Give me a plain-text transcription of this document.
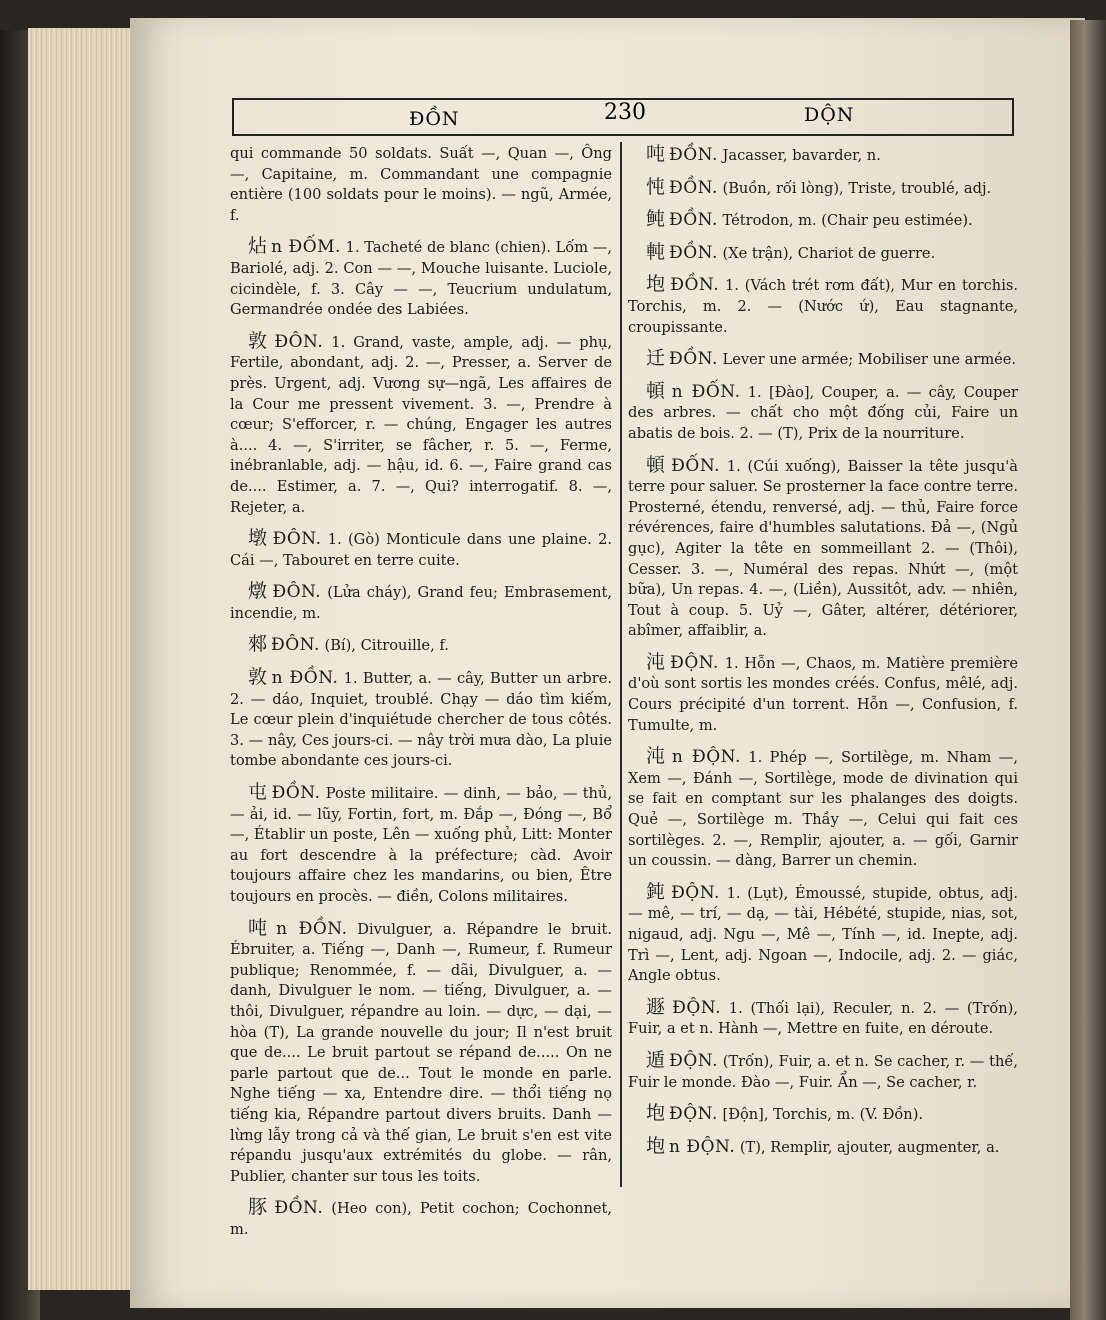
ĐỒN	230	DỘN
qui commande 50 soldats. Suất —, Quan —, Ông —, Capitaine, m. Commandant une compagnie entière (100 soldats pour le moins). — ngũ, Armée, f.
炶 n ĐỐM. 1. Tacheté de blanc (chien). Lốm —, Bariolé, adj. 2. Con — —, Mouche luisante. Luciole, cicindèle, f. 3. Cây — —, Teucrium undulatum, Germandrée ondée des Labiées.
敦 ĐÔN. 1. Grand, vaste, ample, adj. — phụ, Fertile, abondant, adj. 2. —, Presser, a. Server de près. Urgent, adj. Vương sự—ngã, Les affaires de la Cour me pressent vivement. 3. —, Prendre à cœur; S'efforcer, r. — chúng, Engager les autres à.... 4. —, S'irriter, se fâcher, r. 5. —, Ferme, inébranlable, adj. — hậu, id. 6. —, Faire grand cas de.... Estimer, a. 7. —, Qui? interrogatif. 8. —, Rejeter, a.
墩 ĐÔN. 1. (Gò) Monticule dans une plaine. 2. Cái —, Tabouret en terre cuite.
燉 ĐÔN. (Lửa cháy), Grand feu; Embrasement, incendie, m.
郲 ĐÔN. (Bí), Citrouille, f.
敦 n ĐỒN. 1. Butter, a. — cây, Butter un arbre. 2. — dáo, Inquiet, troublé. Chạy — dáo tìm kiếm, Le cœur plein d'inquiétude chercher de tous côtés. 3. — nây, Ces jours-ci. — nây trời mưa dào, La pluie tombe abondante ces jours-ci.
屯 ĐỒN. Poste militaire. — dinh, — bảo, — thủ, — ải, id. — lũy, Fortin, fort, m. Đắp —, Đóng —, Bổ —, Établir un poste, Lên — xuống phủ, Litt: Monter au fort descendre à la préfecture; càd. Avoir toujours affaire chez les mandarins, ou bien, Être toujours en procès. — điền, Colons militaires.
吨 n ĐỒN. Divulguer, a. Répandre le bruit. Ébruiter, a. Tiếng —, Danh —, Rumeur, f. Rumeur publique; Renommée, f. — dãi, Divulguer, a. — danh, Divulguer le nom. — tiếng, Divulguer, a. — thôi, Divulguer, répandre au loin. — dực, — dại, — hòa (T), La grande nouvelle du jour; Il n'est bruit que de.... Le bruit partout se répand de..... On ne parle partout que de... Tout le monde en parle. Nghe tiếng — xa, Entendre dire. — thổi tiếng nọ tiếng kia, Répandre partout divers bruits. Danh — lừng lẫy trong cả và thế gian, Le bruit s'en est vite répandu jusqu'aux extrémités du globe. — rân, Publier, chanter sur tous les toits.
豚 ĐỒN. (Heo con), Petit cochon; Cochonnet, m.
吨 ĐỒN. Jacasser, bavarder, n.
忳 ĐỒN. (Buồn, rối lòng), Triste, troublé, adj.
鲀 ĐỒN. Tétrodon, m. (Chair peu estimée).
軘 ĐỒN. (Xe trận), Chariot de guerre.
垉 ĐỒN. 1. (Vách trét rơm đất), Mur en torchis. Torchis, m. 2. — (Nước ứ), Eau stagnante, croupissante.
迁 ĐỒN. Lever une armée; Mobiliser une armée.
頓 n ĐỐN. 1. [Đào], Couper, a. — cây, Couper des arbres. — chất cho một đống củi, Faire un abatis de bois. 2. — (T), Prix de la nourriture.
頓 ĐỐN. 1. (Cúi xuống), Baisser la tête jusqu'à terre pour saluer. Se prosterner la face contre terre. Prosterné, étendu, renversé, adj. — thủ, Faire force révérences, faire d'humbles salutations. Đả —, (Ngủ gục), Agiter la tête en sommeillant 2. — (Thôi), Cesser. 3. —, Numéral des repas. Nhứt —, (một bữa), Un repas. 4. —, (Liền), Aussitôt, adv. — nhiên, Tout à coup. 5. Uỷ —, Gâter, altérer, détériorer, abîmer, affaiblir, a.
沌 ĐỘN. 1. Hỗn —, Chaos, m. Matière première d'où sont sortis les mondes créés. Confus, mêlé, adj. Cours précipité d'un torrent. Hỗn —, Confusion, f. Tumulte, m.
沌 n ĐỘN. 1. Phép —, Sortilège, m. Nham —, Xem —, Đánh —, Sortilège, mode de divination qui se fait en comptant sur les phalanges des doigts. Quẻ —, Sortilège m. Thầy —, Celui qui fait ces sortilèges. 2. —, Remplir, ajouter, a. — gối, Garnir un coussin. — dàng, Barrer un chemin.
鈍 ĐỘN. 1. (Lụt), Émoussé, stupide, obtus, adj. — mê, — trí, — dạ, — tài, Hébété, stupide, nias, sot, nigaud, adj. Ngu —, Mê —, Tính —, id. Inepte, adj. Trì —, Lent, adj. Ngoan —, Indocile, adj. 2. — giác, Angle obtus.
遯 ĐỘN. 1. (Thối lại), Reculer, n. 2. — (Trốn), Fuir, a et n. Hành —, Mettre en fuite, en déroute.
遁 ĐỘN. (Trốn), Fuir, a. et n. Se cacher, r. — thế, Fuir le monde. Đào —, Fuir. Ẩn —, Se cacher, r.
垉 ĐỘN. [Độn], Torchis, m. (V. Đồn).
垉 n ĐỘN. (T), Remplir, ajouter, augmenter, a.
